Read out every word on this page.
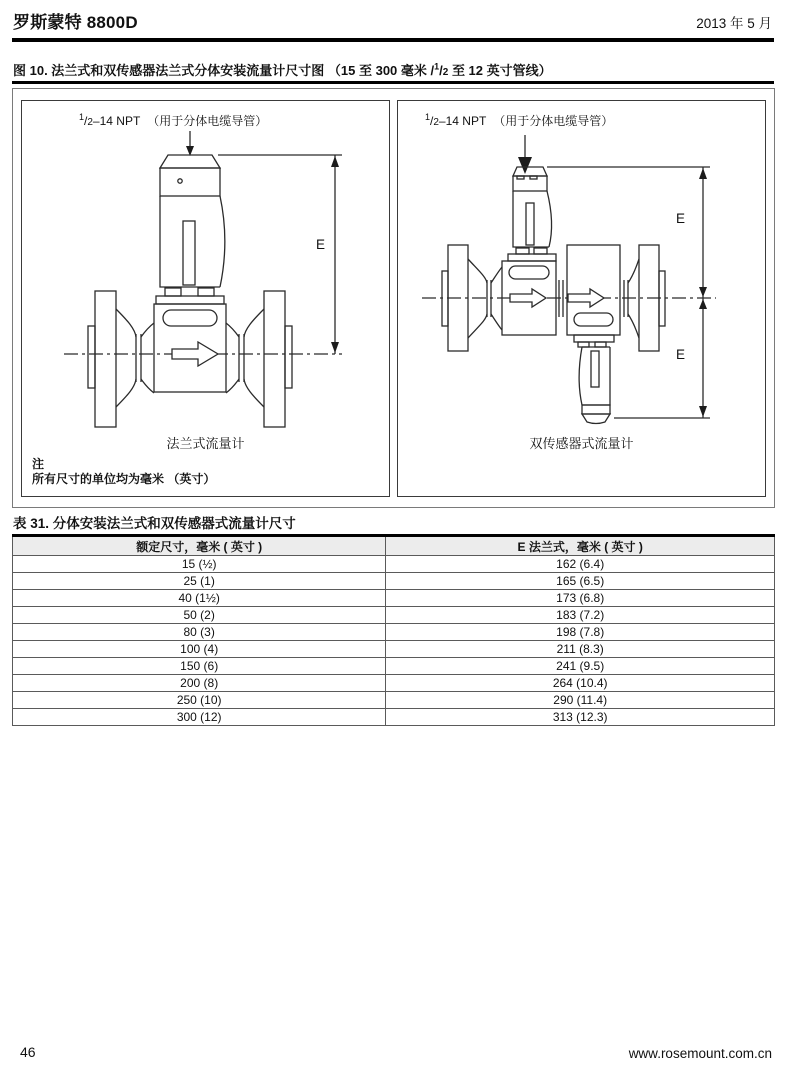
罗斯蒙特 8800D	2013 年 5 月
图 10. 法兰式和双传感器法兰式分体安装流量计尺寸图 （15 至 300 毫米 /$^1$/2 至 12 英寸管线）
$^1$/2–14 NPT （用于分体电缆导管）
E
法兰式流量计
注
所有尺寸的单位均为毫米 （英寸）
$^1$/2–14 NPT （用于分体电缆导管）
E
E
双传感器式流量计
表 31. 分体安装法兰式和双传感器式流量计尺寸
额定尺寸，毫米 ( 英寸 )	E 法兰式，毫米 ( 英寸 )
15 (½)	162 (6.4)
25 (1)	165 (6.5)
40 (1½)	173 (6.8)
50 (2)	183 (7.2)
80 (3)	198 (7.8)
100 (4)	211 (8.3)
150 (6)	241 (9.5)
200 (8)	264 (10.4)
250 (10)	290 (11.4)
300 (12)	313 (12.3)
46	www.rosemount.com.cn
